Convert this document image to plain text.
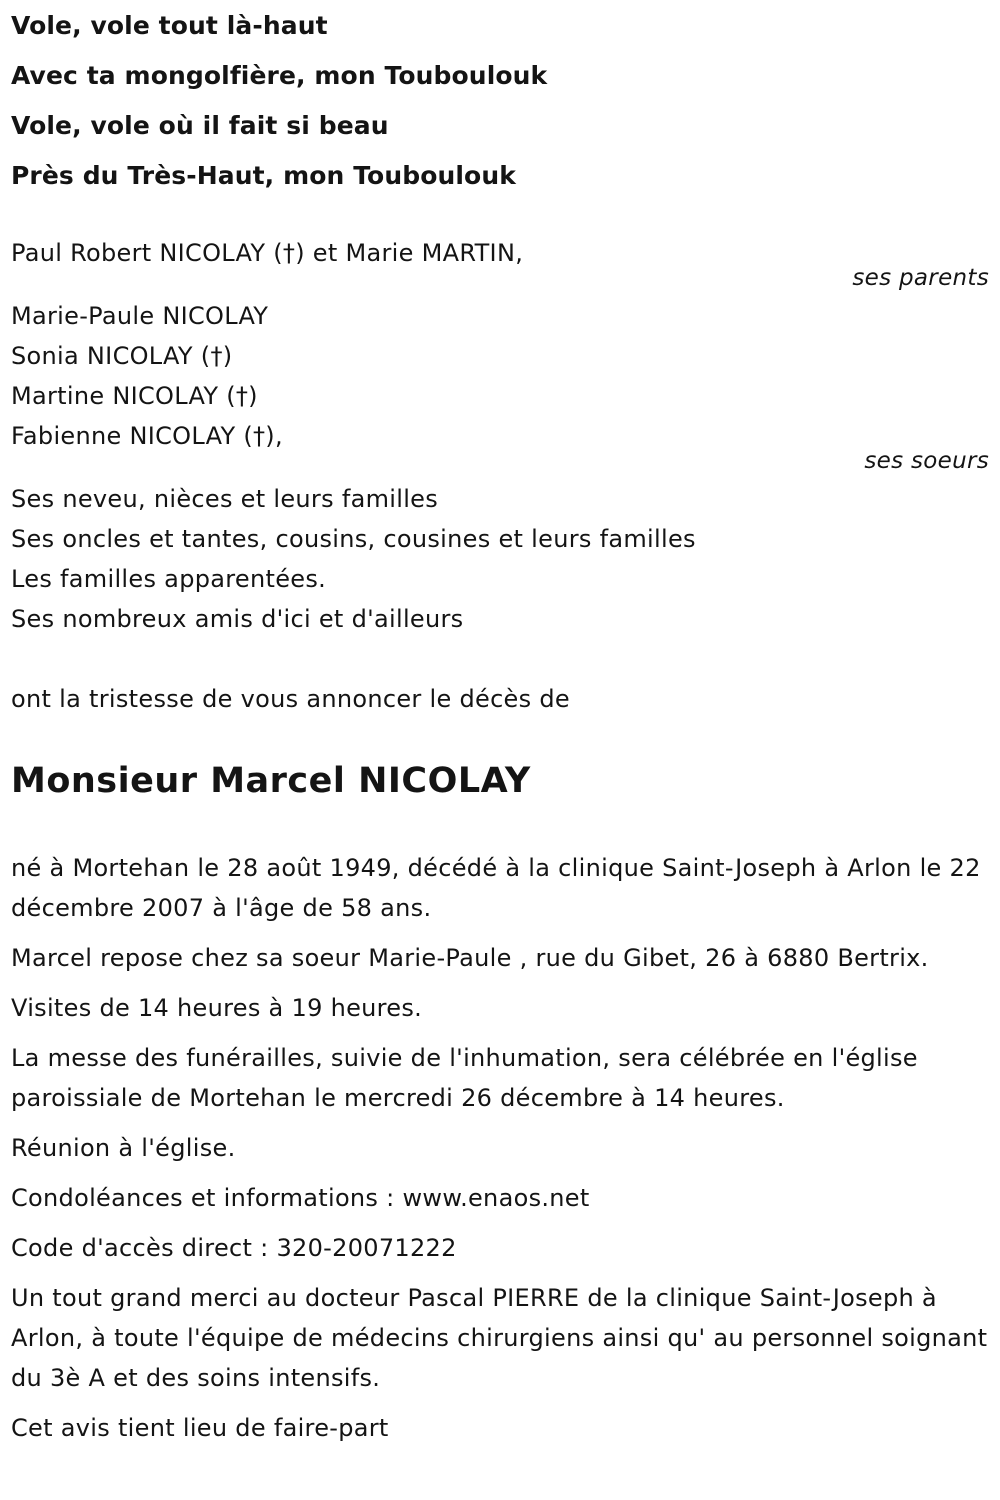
Vole, vole tout là-haut

Avec ta mongolfière, mon Touboulouk

Vole, vole où il fait si beau

Près du Très-Haut, mon Touboulouk

Paul Robert NICOLAY (†) et Marie MARTIN,

ses parents

Marie-Paule NICOLAY

Sonia NICOLAY (†)

Martine NICOLAY (†)

Fabienne NICOLAY (†),

ses soeurs

Ses neveu, nièces et leurs familles

Ses oncles et tantes, cousins, cousines et leurs familles

Les familles apparentées.

Ses nombreux amis d'ici et d'ailleurs

ont la tristesse de vous annoncer le décès de

Monsieur Marcel NICOLAY

né à Mortehan le 28 août 1949, décédé à la clinique Saint-Joseph à Arlon le 22 décembre 2007 à l'âge de 58 ans.

Marcel repose chez sa soeur Marie-Paule , rue du Gibet, 26 à 6880 Bertrix.

Visites de 14 heures à 19 heures.

La messe des funérailles, suivie de l'inhumation, sera célébrée en l'église paroissiale de Mortehan le mercredi 26 décembre à 14 heures.

Réunion à l'église.

Condoléances et informations : www.enaos.net

Code d'accès direct : 320-20071222

Un tout grand merci au docteur Pascal PIERRE de la clinique Saint-Joseph à Arlon, à toute l'équipe de médecins chirurgiens ainsi qu' au personnel soignant du 3è A et des soins intensifs.

Cet avis tient lieu de faire-part
